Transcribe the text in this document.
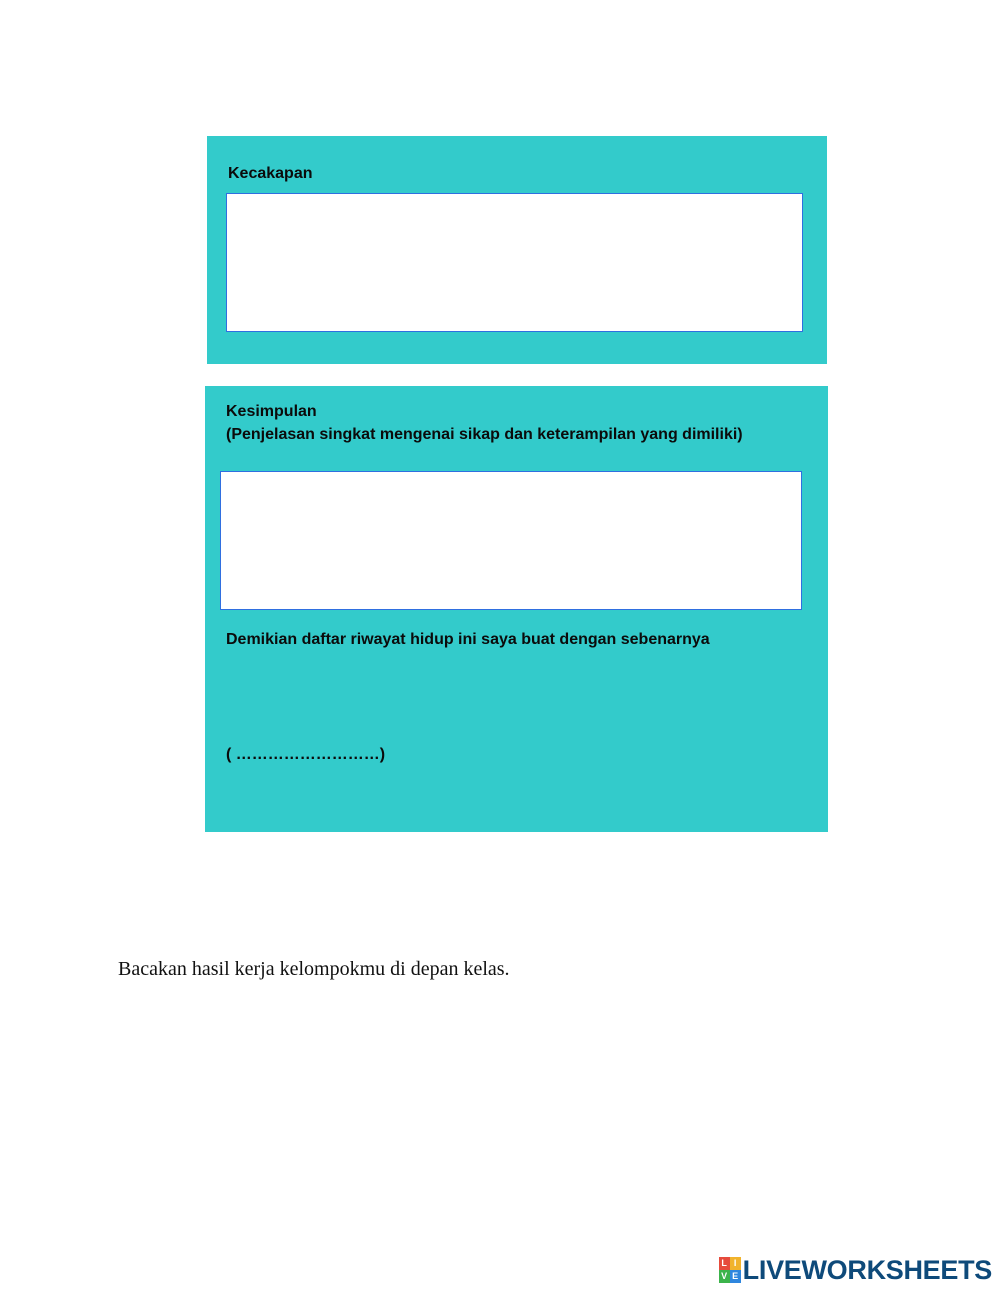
Kecakapan
Kesimpulan
(Penjelasan singkat mengenai sikap dan keterampilan yang dimiliki)
Demikian daftar riwayat hidup ini saya buat dengan sebenarnya
( ………………………)
Bacakan hasil kerja kelompokmu di depan kelas.
L I
V E LIVEWORKSHEETS
